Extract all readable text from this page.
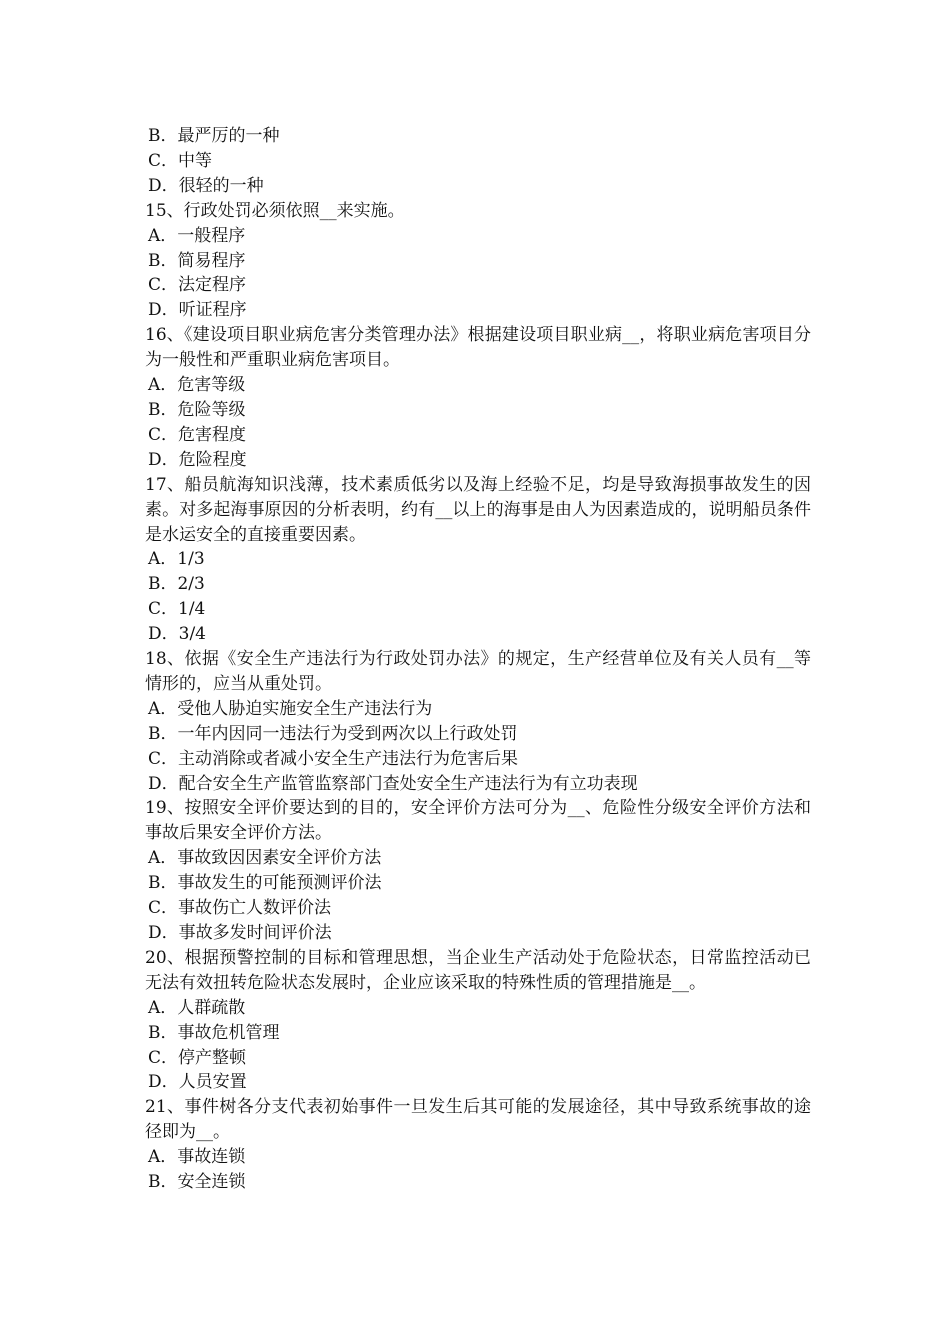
B．最严厉的一种
C．中等
D．很轻的一种
15、行政处罚必须依照__来实施。
A．一般程序
B．简易程序
C．法定程序
D．听证程序
16、《建设项目职业病危害分类管理办法》根据建设项目职业病__，将职业病危害项目分为一般性和严重职业病危害项目。
A．危害等级
B．危险等级
C．危害程度
D．危险程度
17、船员航海知识浅薄，技术素质低劣以及海上经验不足，均是导致海损事故发生的因素。对多起海事原因的分析表明，约有__以上的海事是由人为因素造成的，说明船员条件是水运安全的直接重要因素。
A．1/3
B．2/3
C．1/4
D．3/4
18、依据《安全生产违法行为行政处罚办法》的规定，生产经营单位及有关人员有__等情形的，应当从重处罚。
A．受他人胁迫实施安全生产违法行为
B．一年内因同一违法行为受到两次以上行政处罚
C．主动消除或者减小安全生产违法行为危害后果
D．配合安全生产监管监察部门查处安全生产违法行为有立功表现
19、按照安全评价要达到的目的，安全评价方法可分为__、危险性分级安全评价方法和事故后果安全评价方法。
A．事故致因因素安全评价方法
B．事故发生的可能预测评价法
C．事故伤亡人数评价法
D．事故多发时间评价法
20、根据预警控制的目标和管理思想，当企业生产活动处于危险状态，日常监控活动已无法有效扭转危险状态发展时，企业应该采取的特殊性质的管理措施是__。
A．人群疏散
B．事故危机管理
C．停产整顿
D．人员安置
21、事件树各分支代表初始事件一旦发生后其可能的发展途径，其中导致系统事故的途径即为__。
A．事故连锁
B．安全连锁
